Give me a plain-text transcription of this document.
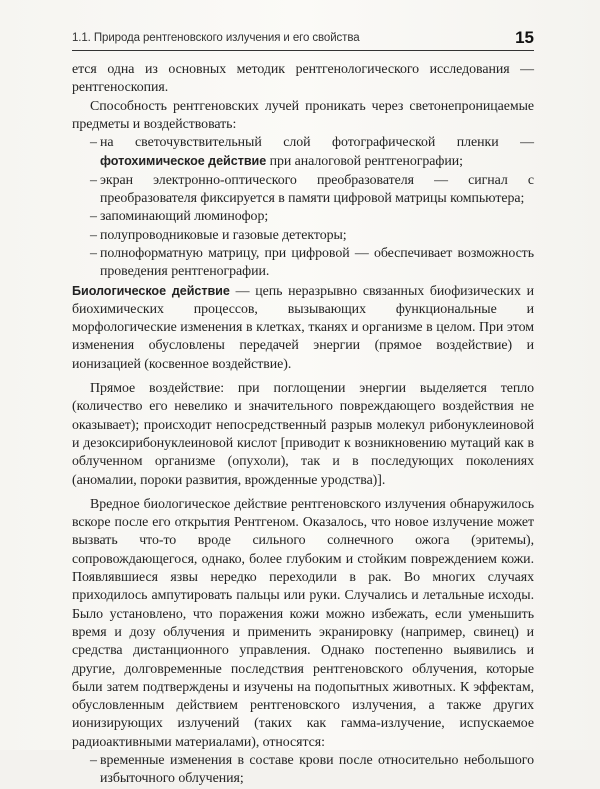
1.1. Природа рентгеновского излучения и его свойства	15

ется одна из основных методик рентгенологического исследования — рентгеноскопия.

Способность рентгеновских лучей проникать через светонепроницаемые предметы и воздействовать:

– на светочувствительный слой фотографической пленки — фотохимическое действие при аналоговой рентгенографии;
– экран электронно-оптического преобразователя — сигнал с преобразователя фиксируется в памяти цифровой матрицы компьютера;
– запоминающий люминофор;
– полупроводниковые и газовые детекторы;
– полноформатную матрицу, при цифровой — обеспечивает возможность проведения рентгенографии.

Биологическое действие — цепь неразрывно связанных биофизических и биохимических процессов, вызывающих функциональные и морфологические изменения в клетках, тканях и организме в целом. При этом изменения обусловлены передачей энергии (прямое воздействие) и ионизацией (косвенное воздействие).

Прямое воздействие: при поглощении энергии выделяется тепло (количество его невелико и значительного повреждающего воздействия не оказывает); происходит непосредственный разрыв молекул рибонуклеиновой и дезоксирибонуклеиновой кислот [приводит к возникновению мутаций как в облученном организме (опухоли), так и в последующих поколениях (аномалии, пороки развития, врожденные уродства)].

Вредное биологическое действие рентгеновского излучения обнаружилось вскоре после его открытия Рентгеном. Оказалось, что новое излучение может вызвать что-то вроде сильного солнечного ожога (эритемы), сопровождающегося, однако, более глубоким и стойким повреждением кожи. Появлявшиеся язвы нередко переходили в рак. Во многих случаях приходилось ампутировать пальцы или руки. Случались и летальные исходы. Было установлено, что поражения кожи можно избежать, если уменьшить время и дозу облучения и применить экранировку (например, свинец) и средства дистанционного управления. Однако постепенно выявились и другие, долговременные последствия рентгеновского облучения, которые были затем подтверждены и изучены на подопытных животных. К эффектам, обусловленным действием рентгеновского излучения, а также других ионизирующих излучений (таких как гамма-излучение, испускаемое радиоактивными материалами), относятся:

– временные изменения в составе крови после относительно небольшого избыточного облучения;
